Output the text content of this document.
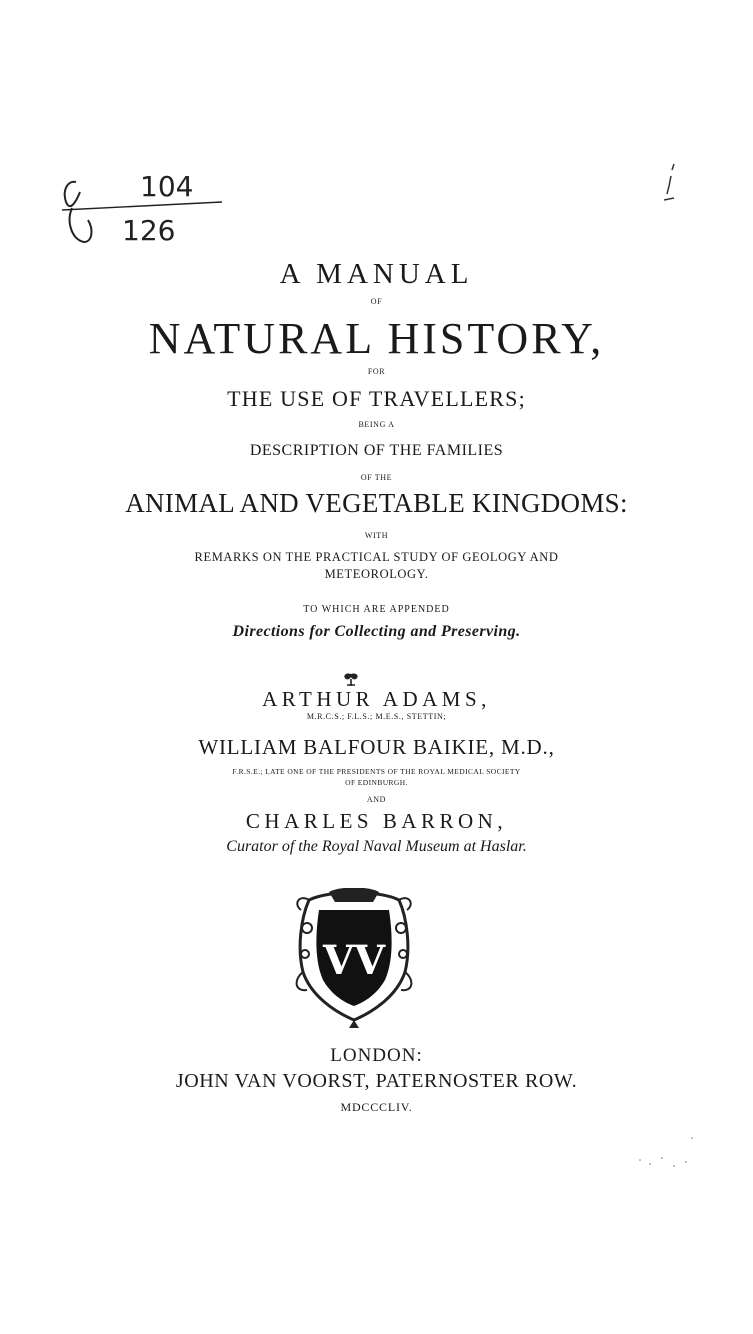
104
126
A MANUAL
OF
NATURAL HISTORY,
FOR
THE USE OF TRAVELLERS;
BEING A
DESCRIPTION OF THE FAMILIES
OF THE
ANIMAL AND VEGETABLE KINGDOMS:
WITH
REMARKS ON THE PRACTICAL STUDY OF GEOLOGY AND
METEOROLOGY.
TO WHICH ARE APPENDED
Directions for Collecting and Preserving.
ARTHUR ADAMS,
M.R.C.S.; F.L.S.; M.E.S., STETTIN;
WILLIAM BALFOUR BAIKIE, M.D.,
F.R.S.E.; LATE ONE OF THE PRESIDENTS OF THE ROYAL MEDICAL SOCIETY
OF EDINBURGH.
AND
CHARLES BARRON,
Curator of the Royal Naval Museum at Haslar.
VV
LONDON:
JOHN VAN VOORST, PATERNOSTER ROW.
MDCCCLIV.
